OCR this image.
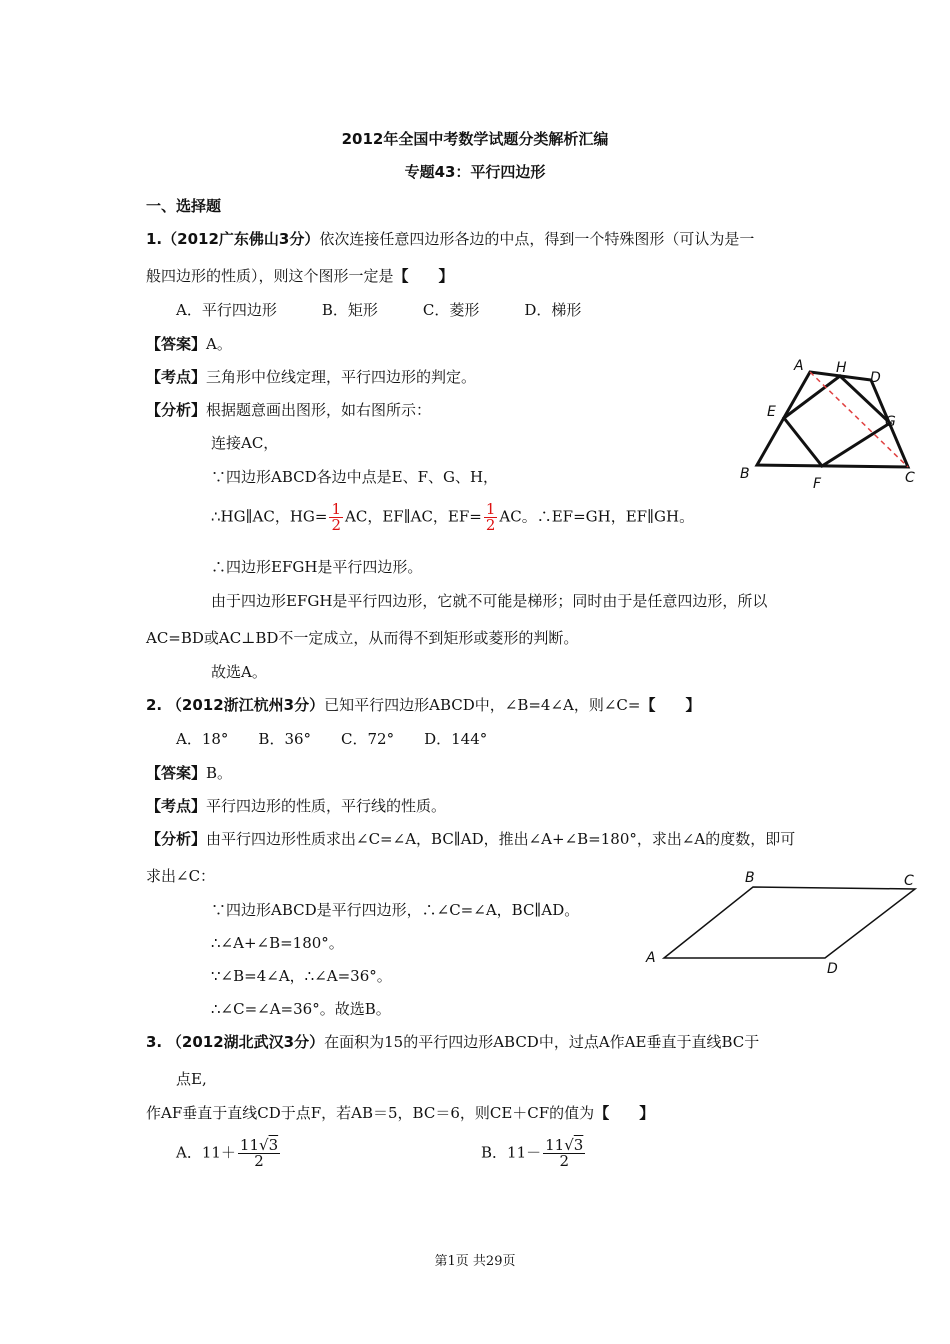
2012年全国中考数学试题分类解析汇编
专题43：平行四边形
一、选择题
1.（2012广东佛山3分）依次连接任意四边形各边的中点，得到一个特殊图形（可认为是一
般四边形的性质），则这个图形一定是【　　】
A．平行四边形　　　B．矩形　　　C．菱形　　　D．梯形
【答案】A。
【考点】三角形中位线定理，平行四边形的判定。
【分析】根据题意画出图形，如右图所示：
连接AC，
∵四边形ABCD各边中点是E、F、G、H，
∴HG∥AC，$HG= \frac{1}{2}$ AC，EF∥AC，$EF= \frac{1}{2}$ AC。∴EF=GH，EF∥GH。
∴四边形EFGH是平行四边形。
由于四边形EFGH是平行四边形，它就不可能是梯形；同时由于是任意四边形，所以
AC=BD或AC⊥BD不一定成立，从而得不到矩形或菱形的判断。
故选A。
A H
D
E
G
B
F	C
2. （2012浙江杭州3分）已知平行四边形ABCD中，∠B=4∠A，则∠C=【　　】
A．18°　　B．36°　　C．72°　　D．144°
【答案】B。
【考点】平行四边形的性质，平行线的性质。
【分析】由平行四边形性质求出∠C=∠A，BC∥AD，推出∠A+∠B=180°，求出∠A的度数，即可
求出∠C：
∵四边形ABCD是平行四边形，∴∠C=∠A，BC∥AD。
∴∠A+∠B=180°。
∵∠B=4∠A，∴∠A=36°。
∴∠C=∠A=36°。故选B。
A
B	C
D
3. （2012湖北武汉3分）在面积为15的平行四边形ABCD中，过点A作AE垂直于直线BC于
点E,
作AF垂直于直线CD于点F，若AB＝5，BC＝6，则CE＋CF的值为【　　】
A．$11+ \frac{11√3}{2}$	B．$11- \frac{11√3}{2}$
第1页 共29页
